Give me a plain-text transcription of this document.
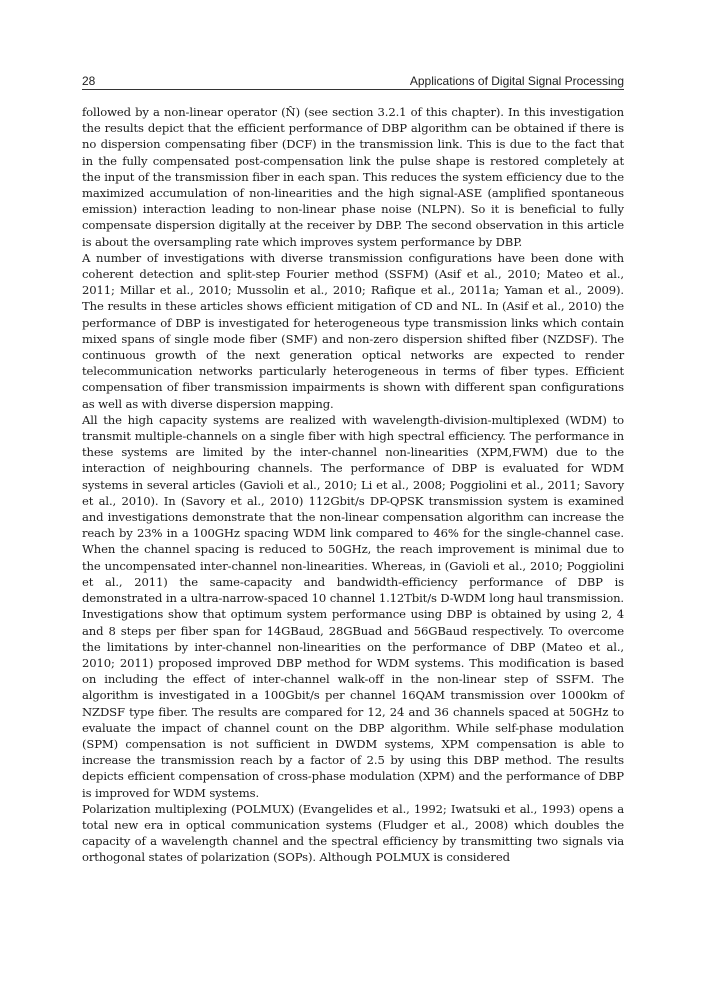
28	Applications of Digital Signal Processing

followed by a non-linear operator (N̂) (see section 3.2.1 of this chapter). In this investigation the results depict that the efficient performance of DBP algorithm can be obtained if there is no dispersion compensating fiber (DCF) in the transmission link. This is due to the fact that in the fully compensated post-compensation link the pulse shape is restored completely at the input of the transmission fiber in each span. This reduces the system efficiency due to the maximized accumulation of non-linearities and the high signal-ASE (amplified spontaneous emission) interaction leading to non-linear phase noise (NLPN). So it is beneficial to fully compensate dispersion digitally at the receiver by DBP. The second observation in this article is about the oversampling rate which improves system performance by DBP.

A number of investigations with diverse transmission configurations have been done with coherent detection and split-step Fourier method (SSFM) (Asif et al., 2010; Mateo et al., 2011; Millar et al., 2010; Mussolin et al., 2010; Rafique et al., 2011a; Yaman et al., 2009). The results in these articles shows efficient mitigation of CD and NL. In (Asif et al., 2010) the performance of DBP is investigated for heterogeneous type transmission links which contain mixed spans of single mode fiber (SMF) and non-zero dispersion shifted fiber (NZDSF). The continuous growth of the next generation optical networks are expected to render telecommunication networks particularly heterogeneous in terms of fiber types. Efficient compensation of fiber transmission impairments is shown with different span configurations as well as with diverse dispersion mapping.

All the high capacity systems are realized with wavelength-division-multiplexed (WDM) to transmit multiple-channels on a single fiber with high spectral efficiency. The performance in these systems are limited by the inter-channel non-linearities (XPM,FWM) due to the interaction of neighbouring channels. The performance of DBP is evaluated for WDM systems in several articles (Gavioli et al., 2010; Li et al., 2008; Poggiolini et al., 2011; Savory et al., 2010). In (Savory et al., 2010) 112Gbit/s DP-QPSK transmission system is examined and investigations demonstrate that the non-linear compensation algorithm can increase the reach by 23% in a 100GHz spacing WDM link compared to 46% for the single-channel case. When the channel spacing is reduced to 50GHz, the reach improvement is minimal due to the uncompensated inter-channel non-linearities. Whereas, in (Gavioli et al., 2010; Poggiolini et al., 2011) the same-capacity and bandwidth-efficiency performance of DBP is demonstrated in a ultra-narrow-spaced 10 channel 1.12Tbit/s D-WDM long haul transmission. Investigations show that optimum system performance using DBP is obtained by using 2, 4 and 8 steps per fiber span for 14GBaud, 28GBuad and 56GBaud respectively. To overcome the limitations by inter-channel non-linearities on the performance of DBP (Mateo et al., 2010; 2011) proposed improved DBP method for WDM systems. This modification is based on including the effect of inter-channel walk-off in the non-linear step of SSFM. The algorithm is investigated in a 100Gbit/s per channel 16QAM transmission over 1000km of NZDSF type fiber. The results are compared for 12, 24 and 36 channels spaced at 50GHz to evaluate the impact of channel count on the DBP algorithm. While self-phase modulation (SPM) compensation is not sufficient in DWDM systems, XPM compensation is able to increase the transmission reach by a factor of 2.5 by using this DBP method. The results depicts efficient compensation of cross-phase modulation (XPM) and the performance of DBP is improved for WDM systems.

Polarization multiplexing (POLMUX) (Evangelides et al., 1992; Iwatsuki et al., 1993) opens a total new era in optical communication systems (Fludger et al., 2008) which doubles the capacity of a wavelength channel and the spectral efficiency by transmitting two signals via orthogonal states of polarization (SOPs). Although POLMUX is considered
